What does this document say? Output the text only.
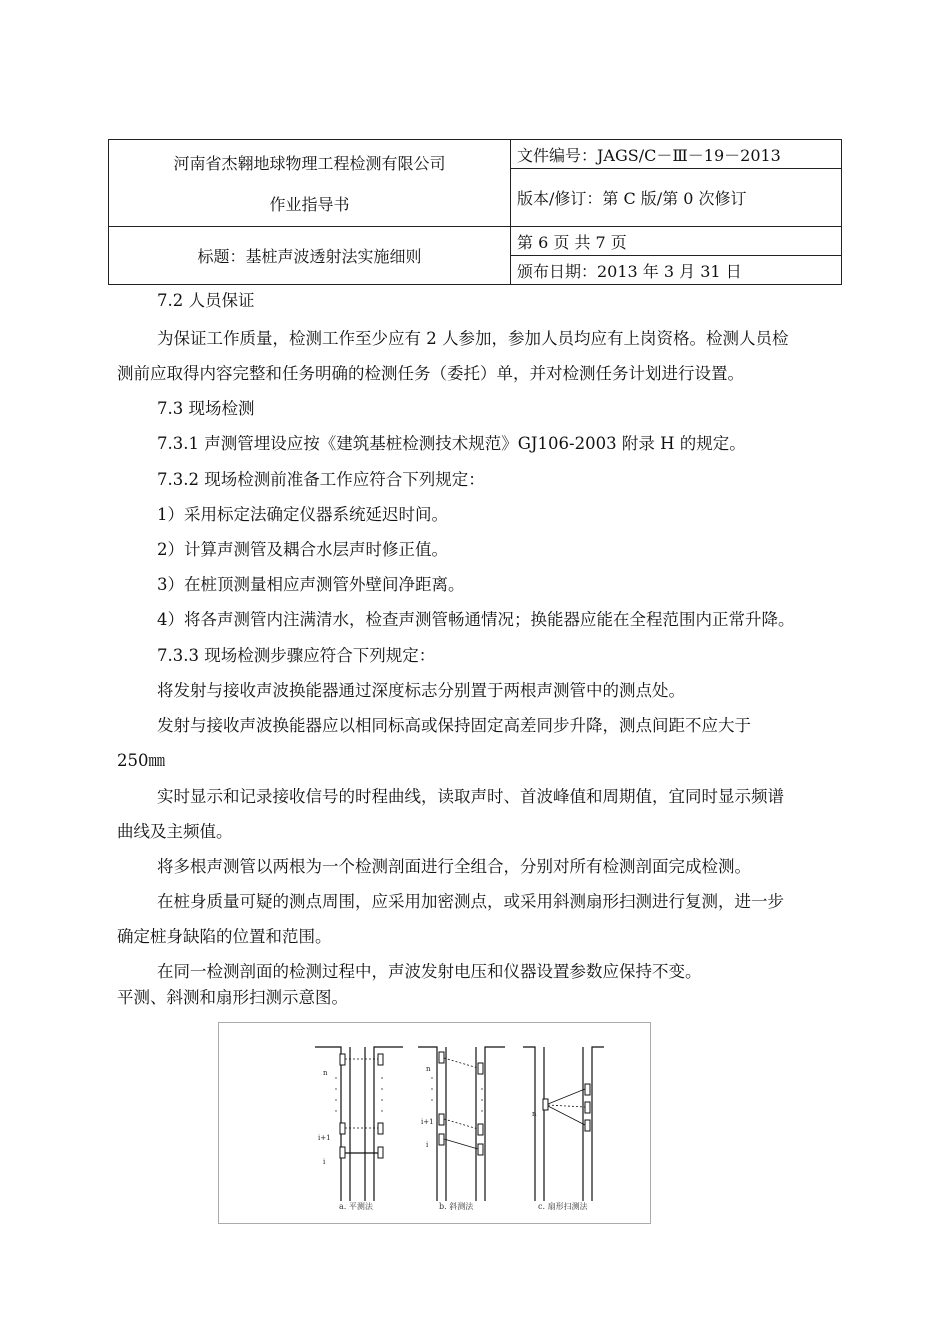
河南省杰翱地球物理工程检测有限公司
作业指导书	文件编号：JAGS/C－Ⅲ－19－2013
	版本/修订：第 C 版/第 0 次修订
标题：基桩声波透射法实施细则	第 6 页 共 7 页
	颁布日期：2013 年 3 月 31 日
7.2 人员保证
为保证工作质量，检测工作至少应有 2 人参加，参加人员均应有上岗资格。检测人员检
测前应取得内容完整和任务明确的检测任务（委托）单，并对检测任务计划进行设置。
7.3 现场检测
7.3.1 声测管埋设应按《建筑基桩检测技术规范》GJ106-2003 附录 H 的规定。
7.3.2 现场检测前准备工作应符合下列规定：
1）采用标定法确定仪器系统延迟时间。
2）计算声测管及耦合水层声时修正值。
3）在桩顶测量相应声测管外壁间净距离。
4）将各声测管内注满清水，检查声测管畅通情况；换能器应能在全程范围内正常升降。
7.3.3 现场检测步骤应符合下列规定：
将发射与接收声波换能器通过深度标志分别置于两根声测管中的测点处。
发射与接收声波换能器应以相同标高或保持固定高差同步升降，测点间距不应大于
250㎜
实时显示和记录接收信号的时程曲线，读取声时、首波峰值和周期值，宜同时显示频谱
曲线及主频值。
将多根声测管以两根为一个检测剖面进行全组合，分别对所有检测剖面完成检测。
在桩身质量可疑的测点周围，应采用加密测点，或采用斜测扇形扫测进行复测，进一步
确定桩身缺陷的位置和范围。
在同一检测剖面的检测过程中，声波发射电压和仪器设置参数应保持不变。
平测、斜测和扇形扫测示意图。
n
i+1
i
n
i+1
i
n
a. 平测法	b. 斜测法	c. 扇形扫测法
